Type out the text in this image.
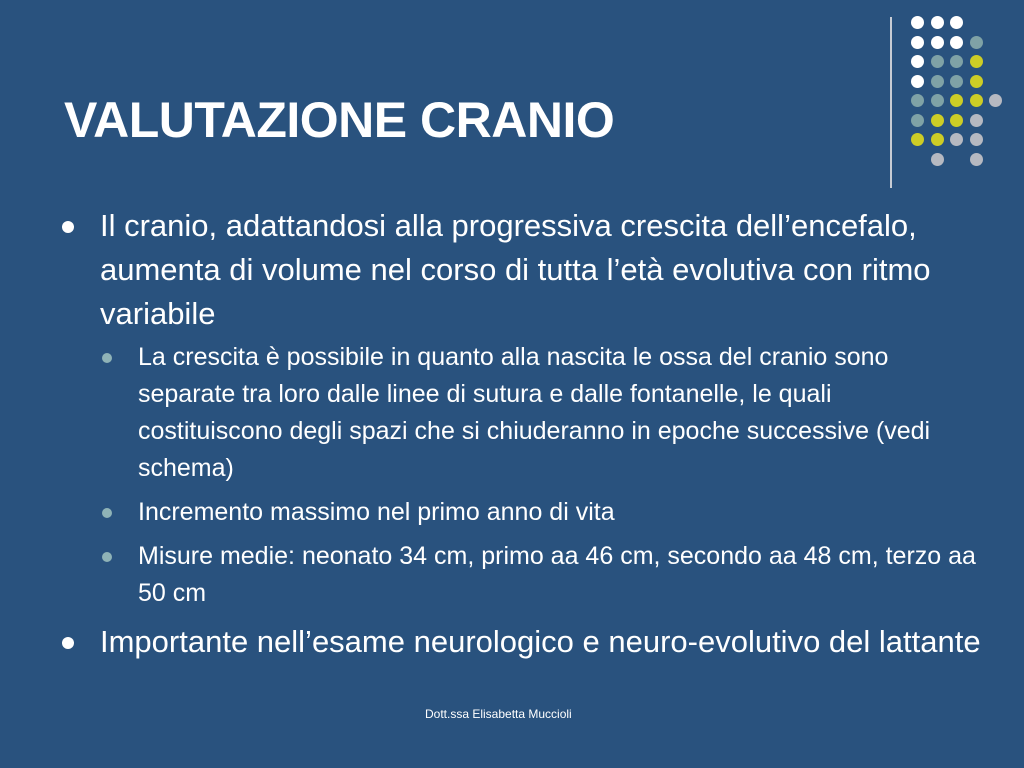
VALUTAZIONE CRANIO
Il cranio, adattandosi alla progressiva crescita dell’encefalo, aumenta di volume nel corso di tutta l’età evolutiva con ritmo variabile
La crescita è possibile in quanto alla nascita le ossa del cranio sono separate tra loro dalle linee di sutura e dalle fontanelle, le quali costituiscono degli spazi che si chiuderanno in epoche successive (vedi schema)
Incremento massimo nel primo anno di vita
Misure medie: neonato 34 cm, primo aa 46 cm, secondo aa 48 cm, terzo aa 50 cm
Importante nell’esame neurologico e neuro-evolutivo del lattante
Dott.ssa Elisabetta Muccioli
